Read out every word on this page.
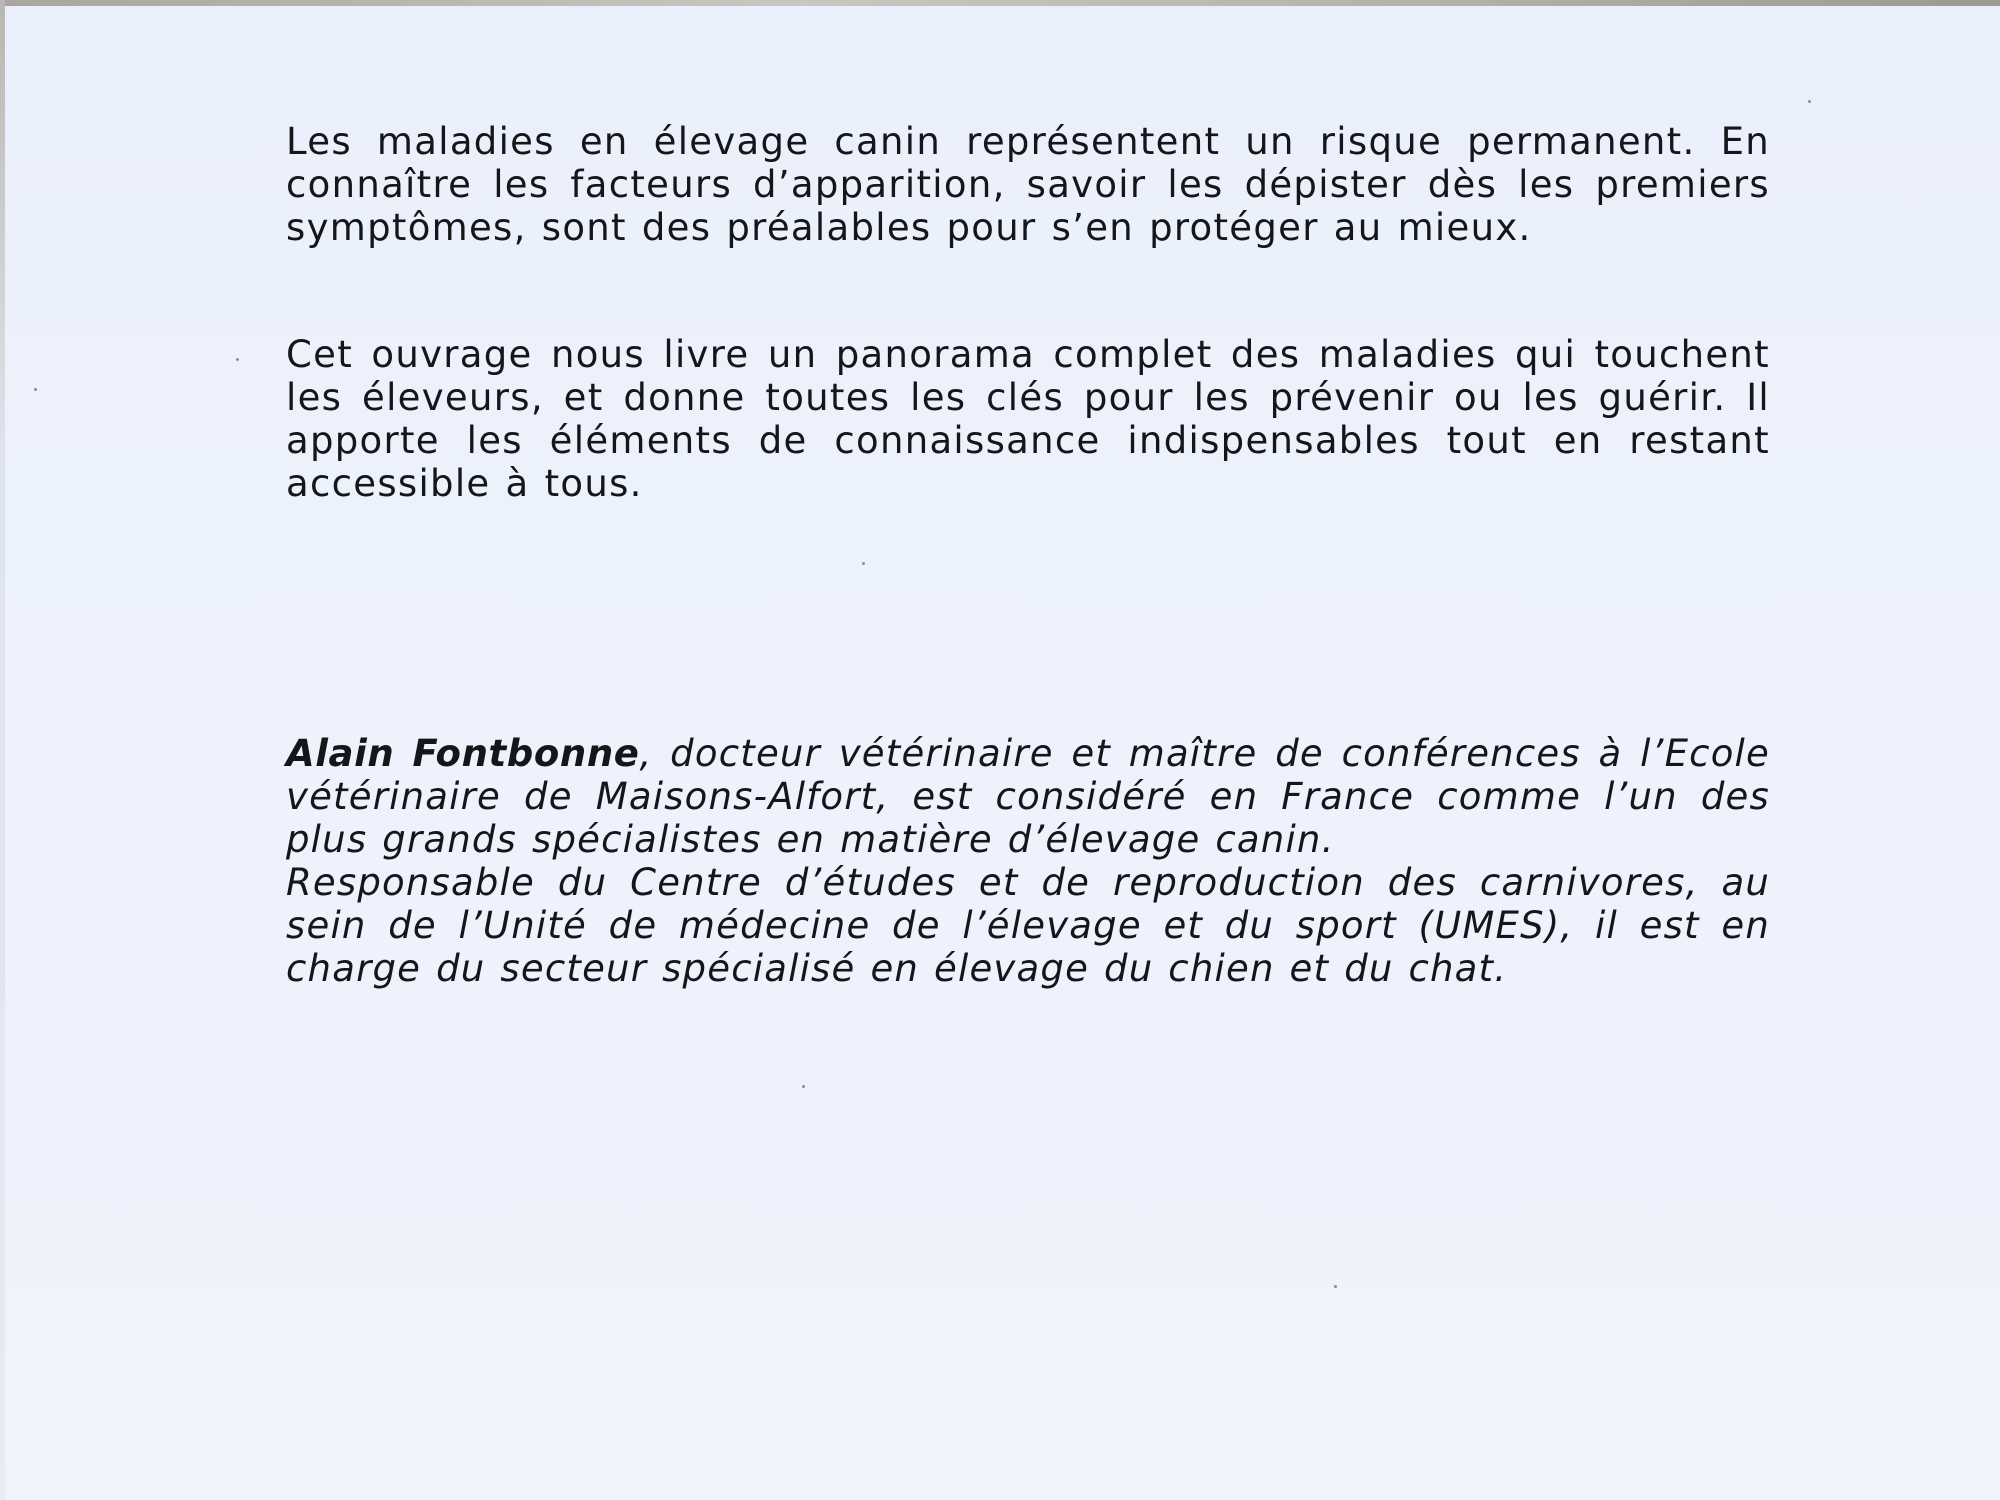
Les maladies en élevage canin représentent un risque permanent. En connaître les facteurs d’apparition, savoir les dépister dès les premiers symptômes, sont des préalables pour s’en protéger au mieux.

Cet ouvrage nous livre un panorama complet des maladies qui touchent les éleveurs, et donne toutes les clés pour les prévenir ou les guérir. Il apporte les éléments de connaissance indispensables tout en restant accessible à tous.

Alain Fontbonne, docteur vétérinaire et maître de conférences à l’Ecole vétérinaire de Maisons-Alfort, est considéré en France comme l’un des plus grands spécialistes en matière d’élevage canin.

Responsable du Centre d’études et de reproduction des carnivores, au sein de l’Unité de médecine de l’élevage et du sport (UMES), il est en charge du secteur spécialisé en élevage du chien et du chat.
